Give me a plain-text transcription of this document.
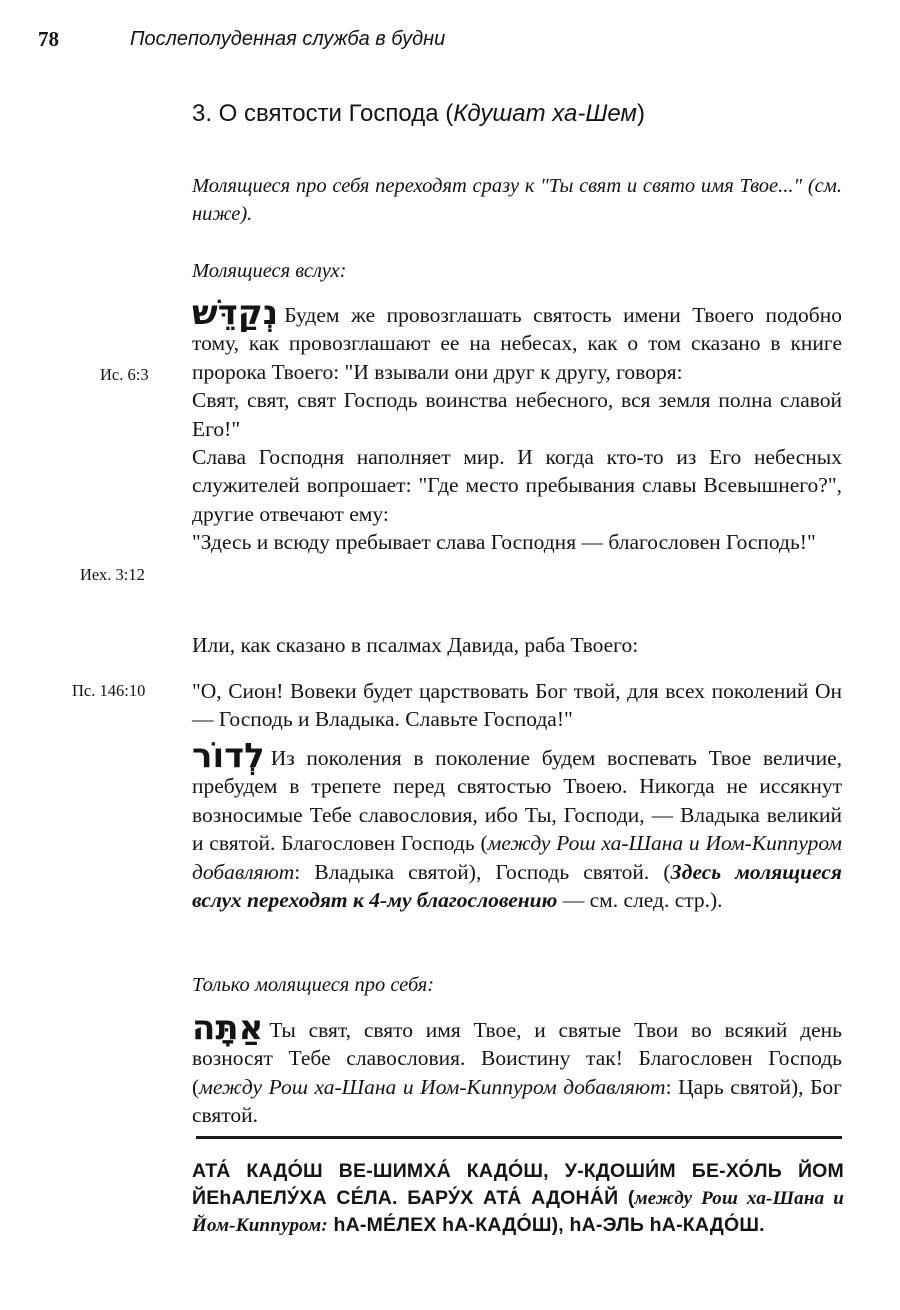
78	Послеполуденная служба в будни
3. О святости Господа (Кдушат ха-Шем)
Молящиеся про себя переходят сразу к "Ты свят и свято имя Твое..." (см. ниже).
Молящиеся вслух:
נְקַדֵּשׁ Будем же провозглашать святость имени Твоего подобно тому, как провозглашают ее на небесах, как о том сказано в книге пророка Твоего: "И взывали они друг к другу, говоря:
Свят, свят, свят Господь воинства небесного, вся земля полна славой Его!"
Слава Господня наполняет мир. И когда кто-то из Его небесных служителей вопрошает: "Где место пребывания славы Всевышнего?", другие отвечают ему:
"Здесь и всюду пребывает слава Господня — благословен Господь!"
Или, как сказано в псалмах Давида, раба Твоего:
"О, Сион! Вовеки будет царствовать Бог твой, для всех поколений Он — Господь и Владыка. Славьте Господа!"
Ис. 6:3
Иех. 3:12
Пс. 146:10
לְדוֹר Из поколения в поколение будем воспевать Твое величие, пребудем в трепете перед святостью Твоею. Никогда не иссякнут возносимые Тебе славословия, ибо Ты, Господи, — Владыка великий и святой. Благословен Господь (между Рош ха-Шана и Иом-Киппуром добавляют: Владыка святой), Господь святой. (Здесь молящиеся вслух переходят к 4-му благословению — см. след. стр.).
Только молящиеся про себя:
אַתָּה Ты свят, свято имя Твое, и святые Твои во всякий день возносят Тебе славословия. Воистину так! Благословен Господь (между Рош ха-Шана и Иом-Киппуром добавляют: Царь святой), Бог святой.
АТА́ КАДО́Ш ВЕ-ШИМХА́ КАДО́Ш, У-КДОШИ́М БЕ-ХО́ЛЬ ЙОМ ЙЕhАЛЕЛУ́ХА СЕ́ЛА. БАРУ́Х АТА́ АДОНА́Й (между Рош ха-Шана и Йом-Киппуром: hА-МЕ́ЛЕХ hА-КАДО́Ш), hА-ЭЛЬ hА-КАДО́Ш.
